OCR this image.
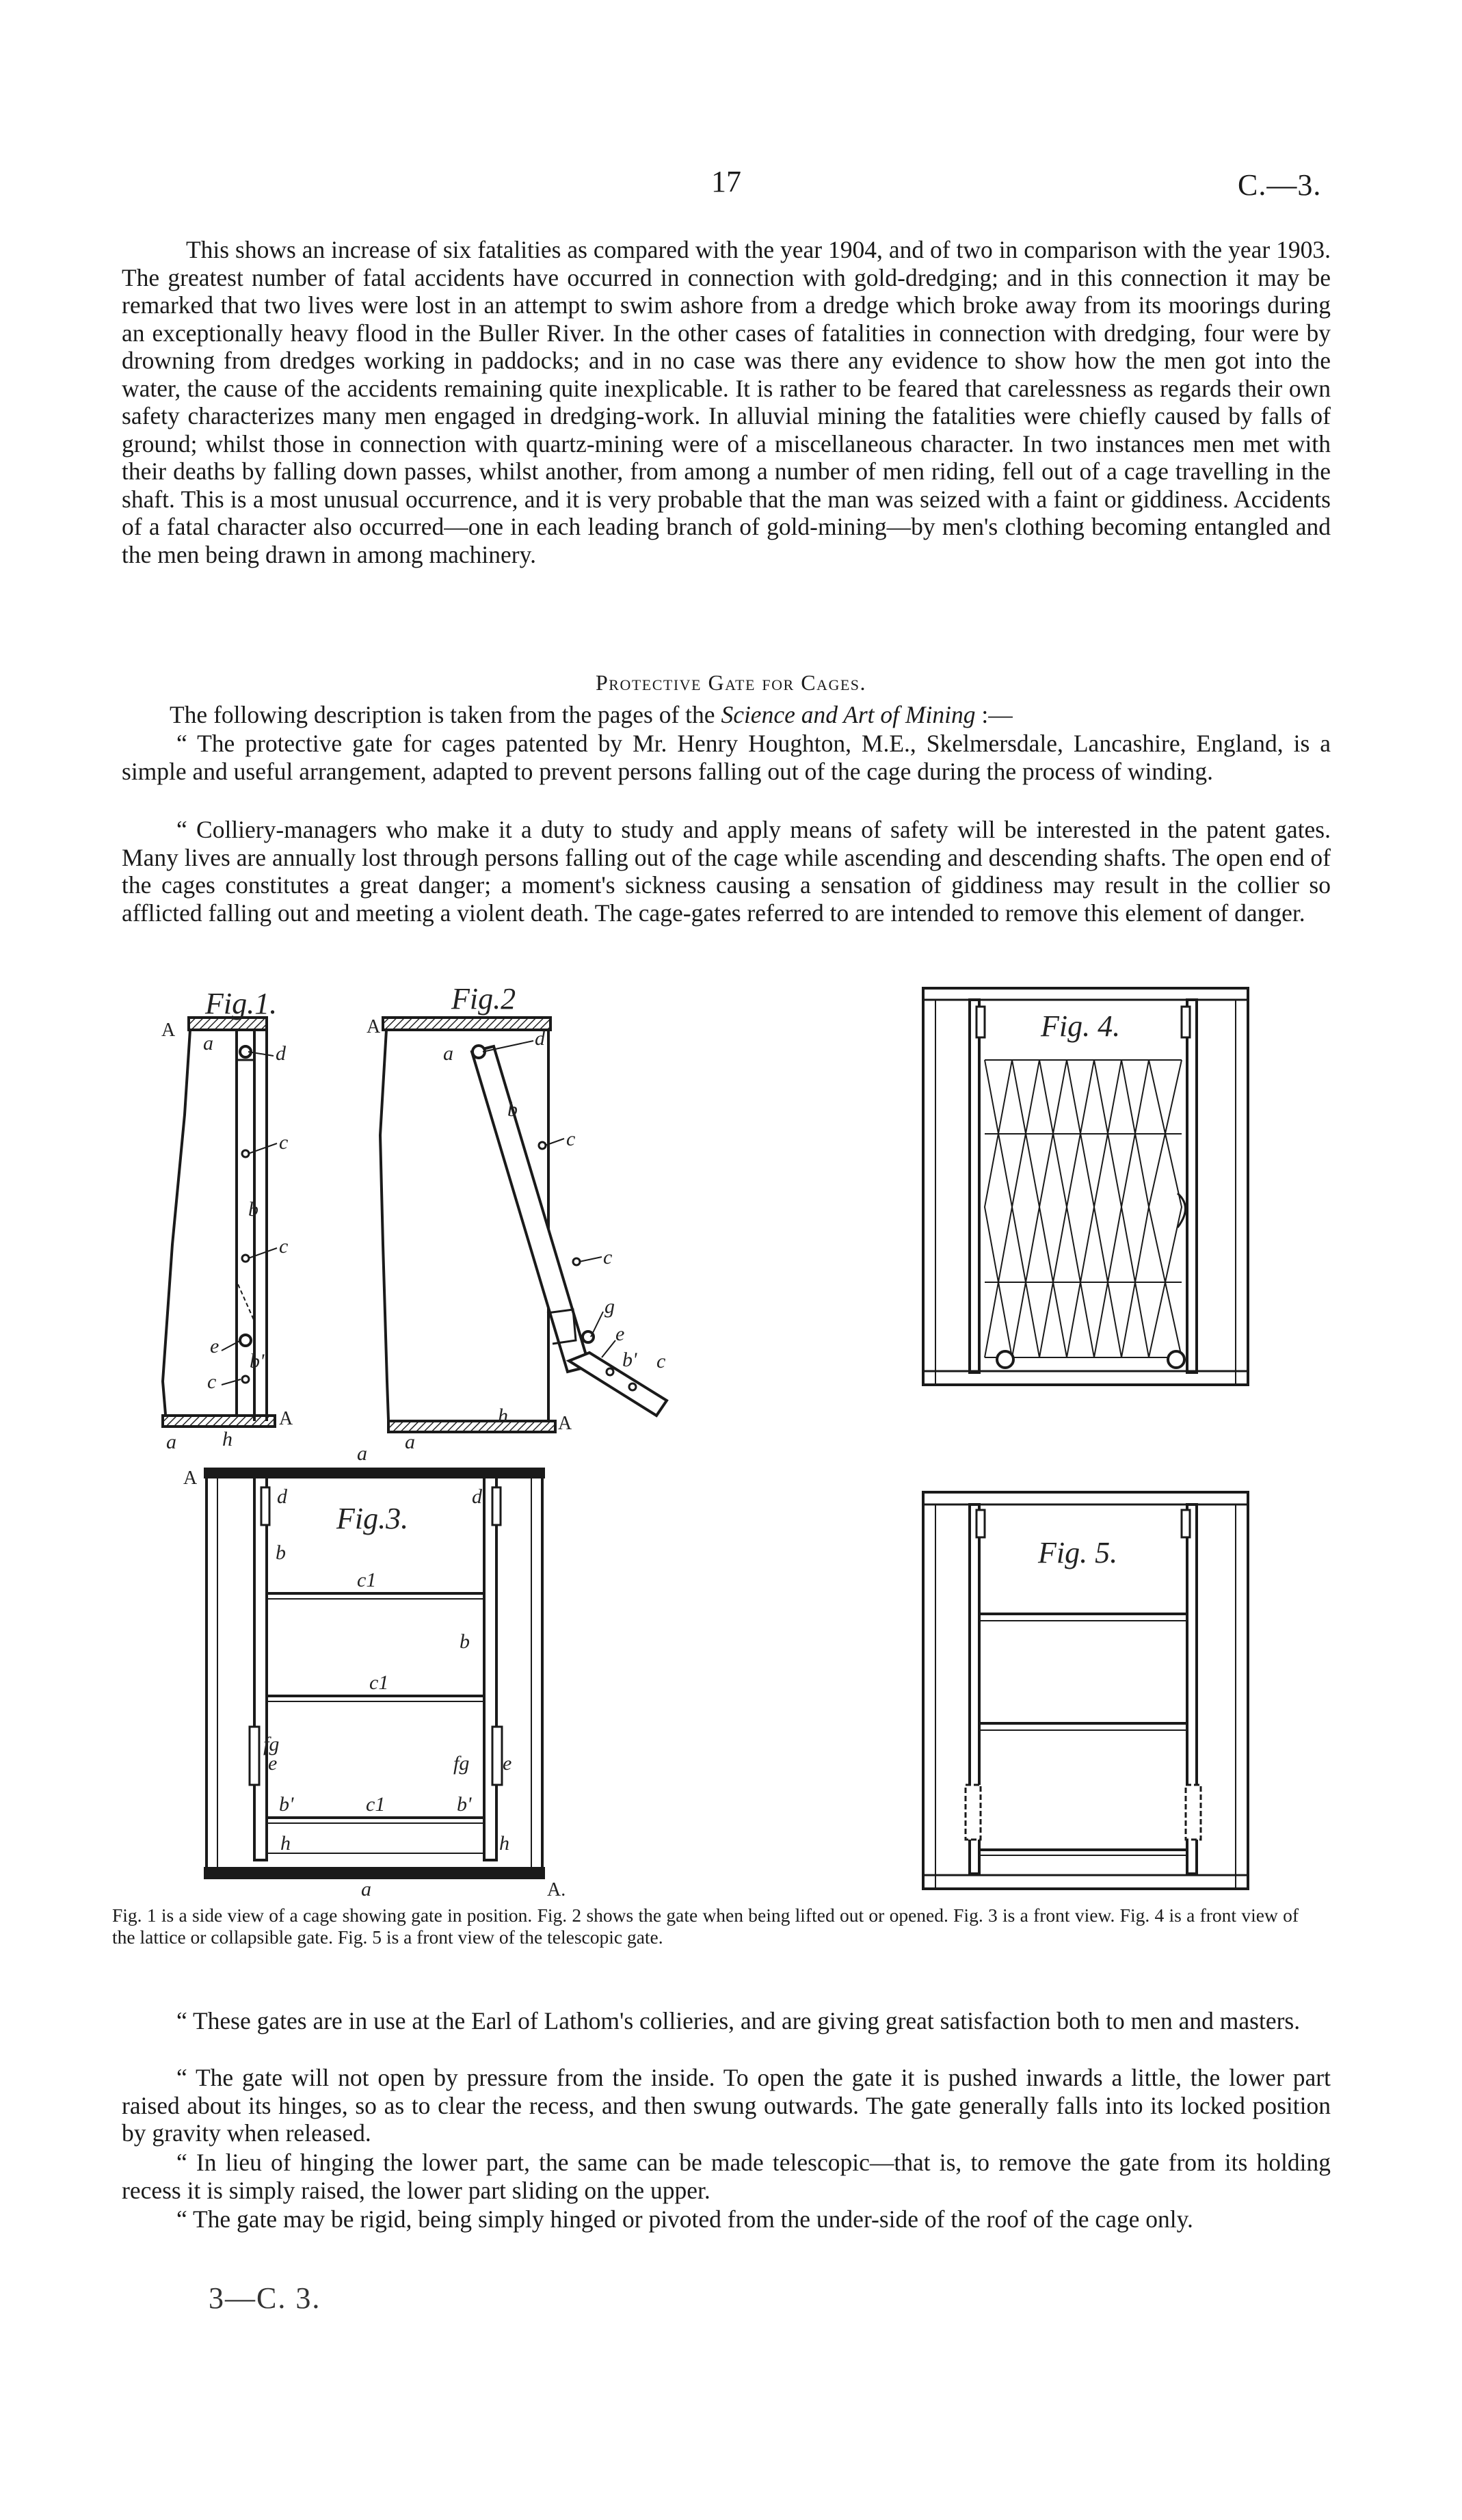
17	C.—3.

This shows an increase of six fatalities as compared with the year 1904, and of two in comparison with the year 1903. The greatest number of fatal accidents have occurred in connection with gold-dredging; and in this connection it may be remarked that two lives were lost in an attempt to swim ashore from a dredge which broke away from its moorings during an exceptionally heavy flood in the Buller River. In the other cases of fatalities in connection with dredging, four were by drowning from dredges working in paddocks; and in no case was there any evidence to show how the men got into the water, the cause of the accidents remaining quite inexplicable. It is rather to be feared that carelessness as regards their own safety characterizes many men engaged in dredging-work. In alluvial mining the fatalities were chiefly caused by falls of ground; whilst those in connection with quartz-mining were of a miscellaneous character. In two instances men met with their deaths by falling down passes, whilst another, from among a number of men riding, fell out of a cage travelling in the shaft. This is a most unusual occurrence, and it is very probable that the man was seized with a faint or giddiness. Accidents of a fatal character also occurred—one in each leading branch of gold-mining—by men's clothing becoming entangled and the men being drawn in among machinery.

Protective Gate for Cages.

The following description is taken from the pages of the Science and Art of Mining :—

“ The protective gate for cages patented by Mr. Henry Houghton, M.E., Skelmersdale, Lancashire, England, is a simple and useful arrangement, adapted to prevent persons falling out of the cage during the process of winding.

“ Colliery-managers who make it a duty to study and apply means of safety will be interested in the patent gates. Many lives are annually lost through persons falling out of the cage while ascending and descending shafts. The open end of the cages constitutes a great danger; a moment's sickness causing a sensation of giddiness may result in the collier so afflicted falling out and meeting a violent death. The cage-gates referred to are intended to remove this element of danger.

Fig.1.
A
a	d
c
b
c
e
b'
c
A
a h
Fig.2
A
a
d
b
c
c
g
e
b' c
h	A
a
Fig.3.
A
a
d	d
b
c1
b
c1
fg
e	fg e
b'	c1	b'
h	h
a	A.
Fig. 4.
Fig. 5.

Fig. 1 is a side view of a cage showing gate in position. Fig. 2 shows the gate when being lifted out or opened. Fig. 3 is a front view. Fig. 4 is a front view of the lattice or collapsible gate. Fig. 5 is a front view of the telescopic gate.

“ These gates are in use at the Earl of Lathom's collieries, and are giving great satisfaction both to men and masters.

“ The gate will not open by pressure from the inside. To open the gate it is pushed inwards a little, the lower part raised about its hinges, so as to clear the recess, and then swung outwards. The gate generally falls into its locked position by gravity when released.

“ In lieu of hinging the lower part, the same can be made telescopic—that is, to remove the gate from its holding recess it is simply raised, the lower part sliding on the upper.

“ The gate may be rigid, being simply hinged or pivoted from the under-side of the roof of the cage only.

3—C. 3.
